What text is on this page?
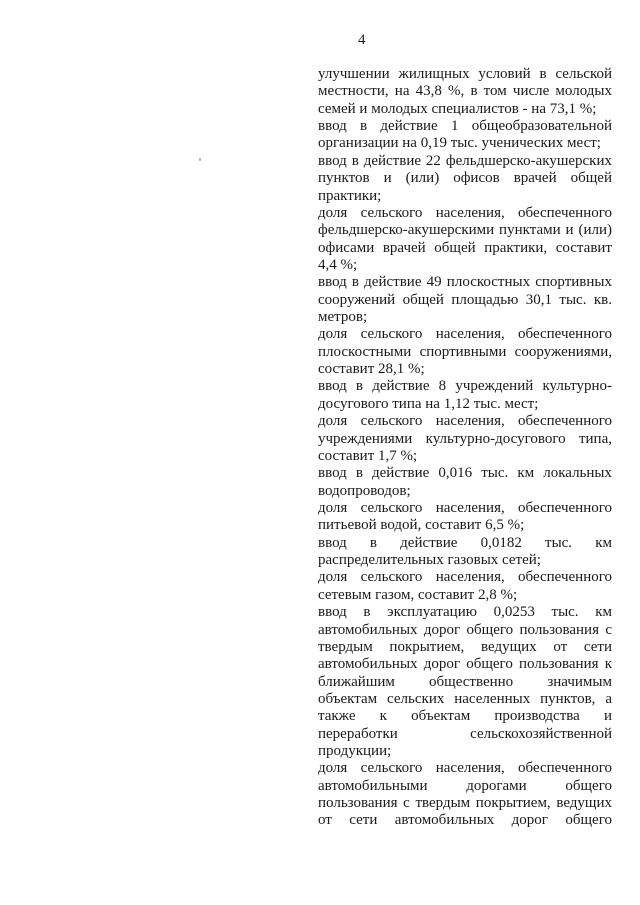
4
улучшении жилищных условий в сельской
местности, на 43,8 %, в том числе молодых
семей и молодых специалистов - на 73,1 %;
ввод в действие 1 общеобразовательной
организации на 0,19 тыс. ученических мест;
ввод в действие 22 фельдшерско-акушерских
пунктов и (или) офисов врачей общей
практики;
доля сельского населения, обеспеченного
фельдшерско-акушерскими пунктами и (или)
офисами врачей общей практики, составит
4,4 %;
ввод в действие 49 плоскостных спортивных
сооружений общей площадью 30,1 тыс. кв.
метров;
доля сельского населения, обеспеченного
плоскостными спортивными сооружениями,
составит 28,1 %;
ввод в действие 8 учреждений культурно-
досугового типа на 1,12 тыс. мест;
доля сельского населения, обеспеченного
учреждениями культурно-досугового типа,
составит 1,7 %;
ввод в действие 0,016 тыс. км локальных
водопроводов;
доля сельского населения, обеспеченного
питьевой водой, составит 6,5 %;
ввод в действие 0,0182 тыс. км
распределительных газовых сетей;
доля сельского населения, обеспеченного
сетевым газом, составит 2,8 %;
ввод в эксплуатацию 0,0253 тыс. км
автомобильных дорог общего пользования с
твердым покрытием, ведущих от сети
автомобильных дорог общего пользования к
ближайшим общественно значимым
объектам сельских населенных пунктов, а
также к объектам производства и
переработки сельскохозяйственной
продукции;
доля сельского населения, обеспеченного
автомобильными дорогами общего
пользования с твердым покрытием, ведущих
от сети автомобильных дорог общего
